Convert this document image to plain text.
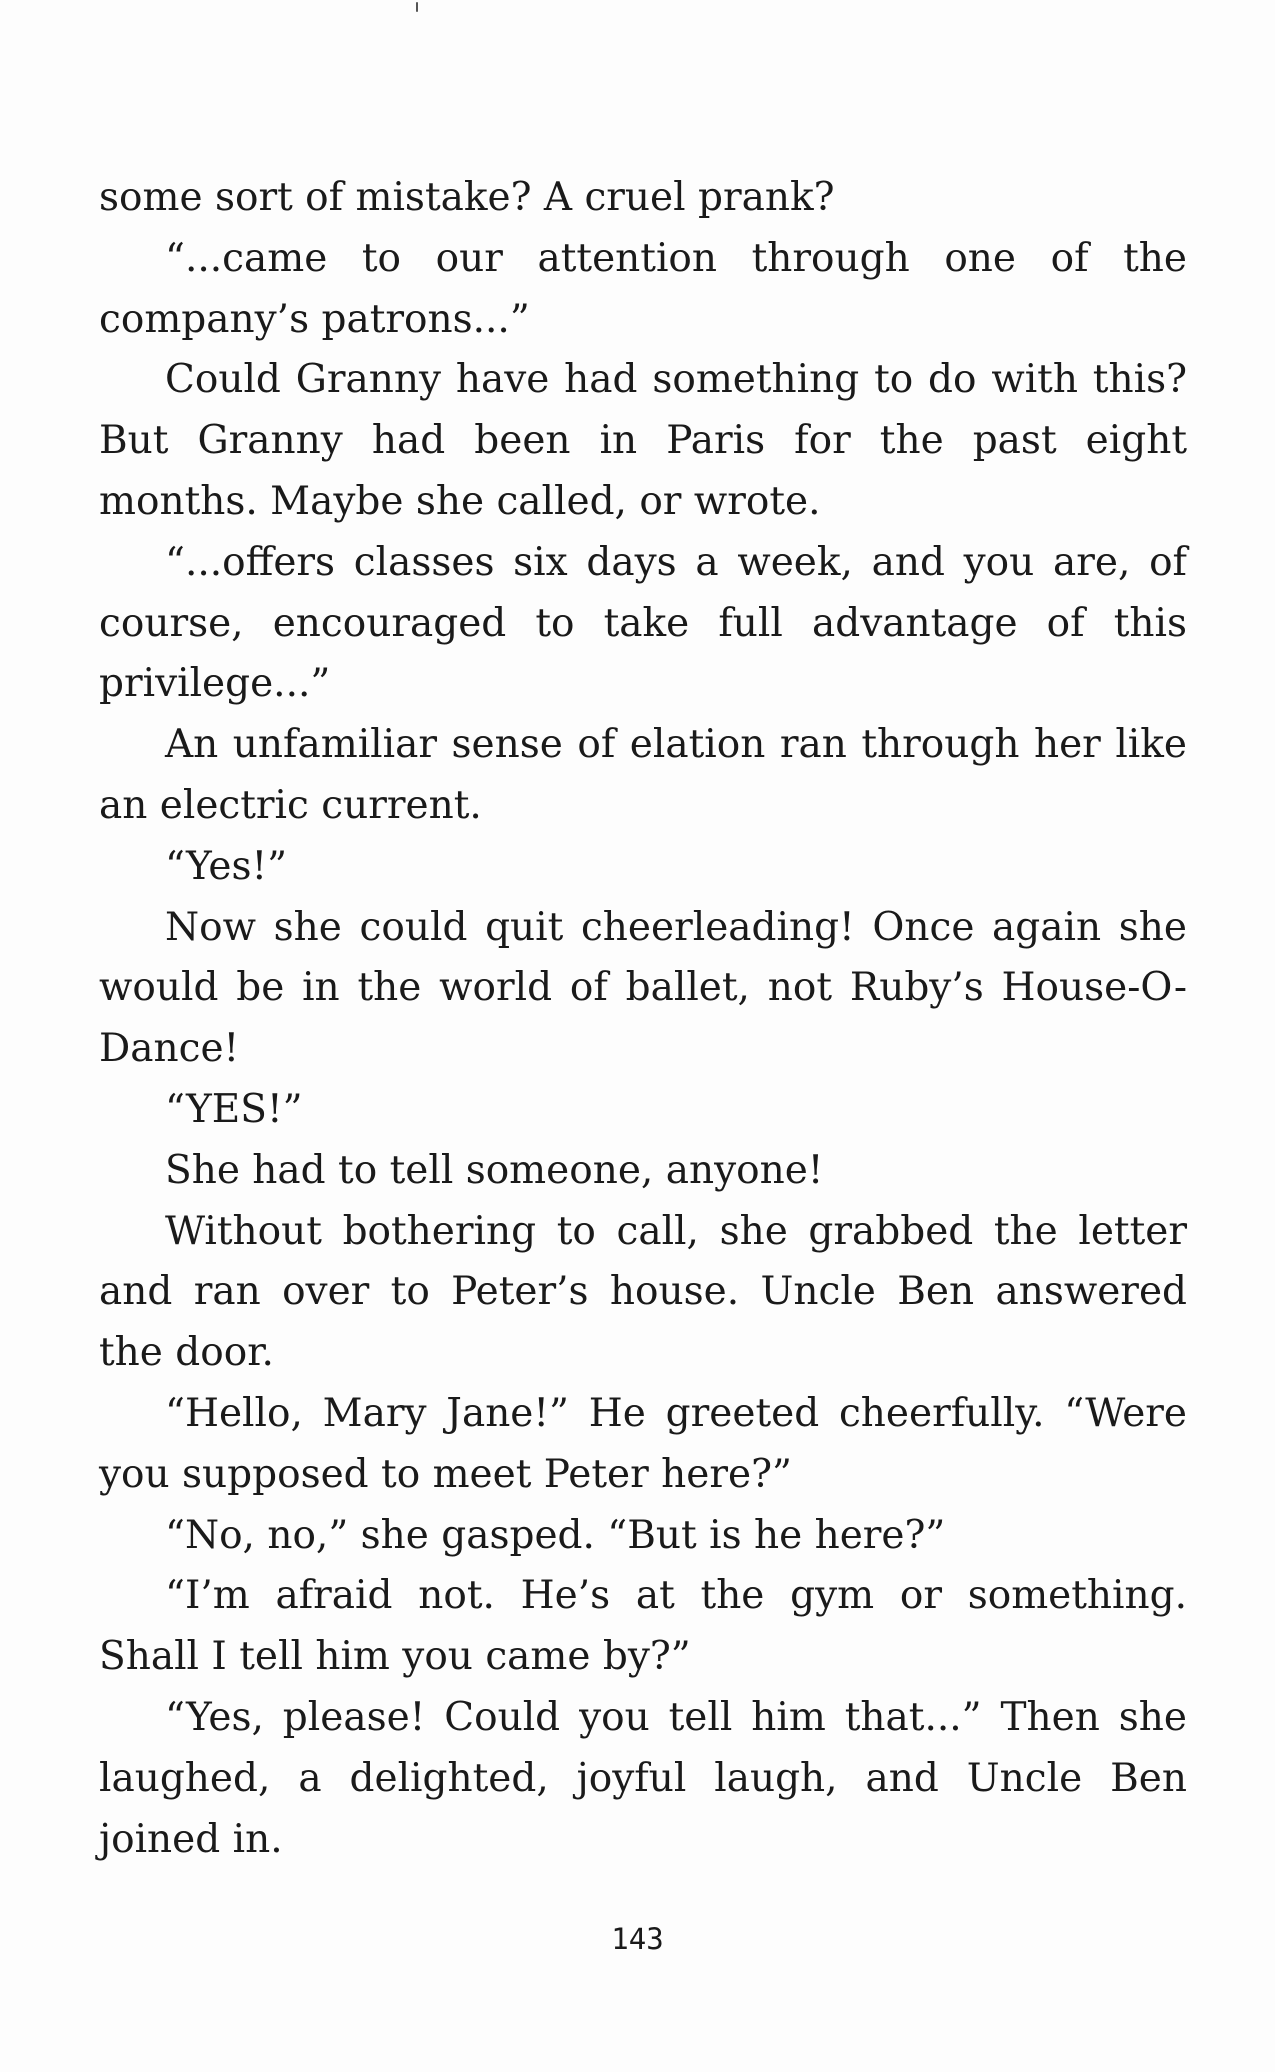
some sort of mistake? A cruel prank?

“...came to our attention through one of the company’s patrons...”

Could Granny have had something to do with this? But Granny had been in Paris for the past eight months. Maybe she called, or wrote.

“...offers classes six days a week, and you are, of course, encouraged to take full advantage of this privilege...”

An unfamiliar sense of elation ran through her like an electric current.

“Yes!”

Now she could quit cheerleading! Once again she would be in the world of ballet, not Ruby’s House-O-Dance!

“YES!”

She had to tell someone, anyone!

Without bothering to call, she grabbed the letter and ran over to Peter’s house. Uncle Ben answered the door.

“Hello, Mary Jane!” He greeted cheerfully. “Were you supposed to meet Peter here?”

“No, no,” she gasped. “But is he here?”

“I’m afraid not. He’s at the gym or something. Shall I tell him you came by?”

“Yes, please! Could you tell him that...” Then she laughed, a delighted, joyful laugh, and Uncle Ben joined in.

143
